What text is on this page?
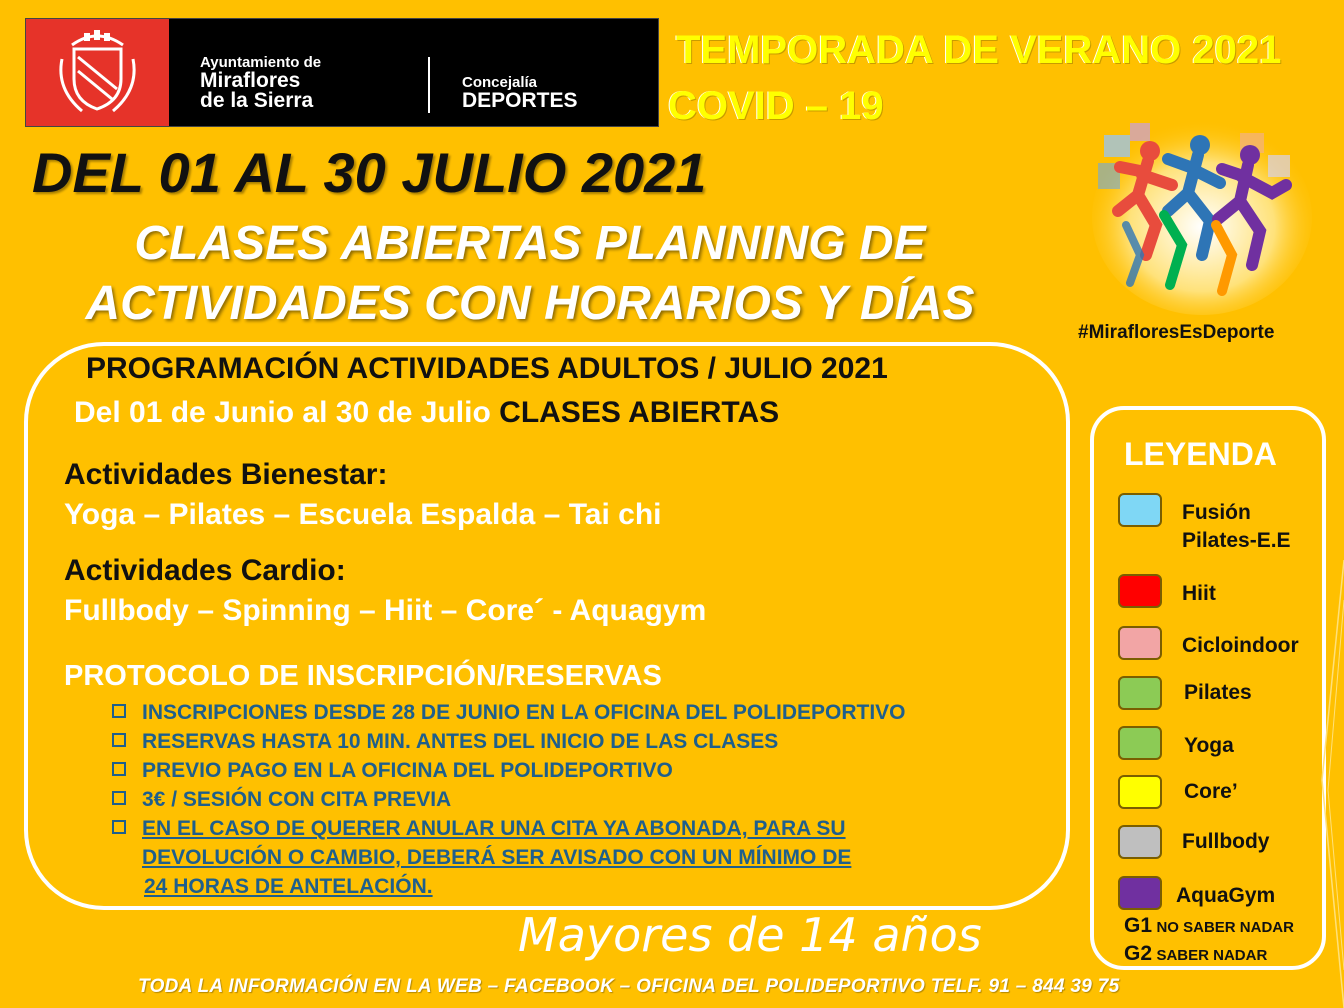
Ayuntamiento de
Miraflores
de la Sierra
Concejalía
DEPORTES
TEMPORADA DE VERANO 2021
COVID – 19
DEL 01 AL 30 JULIO 2021
CLASES ABIERTAS PLANNING DE
ACTIVIDADES CON HORARIOS Y DÍAS
#MirafloresEsDeporte
PROGRAMACIÓN ACTIVIDADES ADULTOS / JULIO 2021
Del 01 de Junio al 30 de Julio CLASES ABIERTAS
Actividades Bienestar:
Yoga – Pilates – Escuela Espalda – Tai chi
Actividades Cardio:
Fullbody – Spinning – Hiit – Core´ - Aquagym
PROTOCOLO DE INSCRIPCIÓN/RESERVAS
INSCRIPCIONES DESDE 28 DE JUNIO EN LA OFICINA DEL POLIDEPORTIVO
RESERVAS HASTA 10 MIN. ANTES DEL INICIO DE LAS CLASES
PREVIO PAGO EN LA OFICINA DEL POLIDEPORTIVO
3€ / SESIÓN CON CITA PREVIA
EN EL CASO DE QUERER ANULAR UNA CITA YA ABONADA, PARA SU
DEVOLUCIÓN O CAMBIO, DEBERÁ SER AVISADO CON UN MÍNIMO DE
24 HORAS DE ANTELACIÓN.
Mayores de 14 años
TODA LA INFORMACIÓN EN LA WEB – FACEBOOK – OFICINA DEL POLIDEPORTIVO TELF. 91 – 844 39 75
LEYENDA
Fusión
Pilates-E.E
Hiit
Cicloindoor
Pilates
Yoga
Core’
Fullbody
AquaGym
G1 NO SABER NADAR
G2 SABER NADAR
